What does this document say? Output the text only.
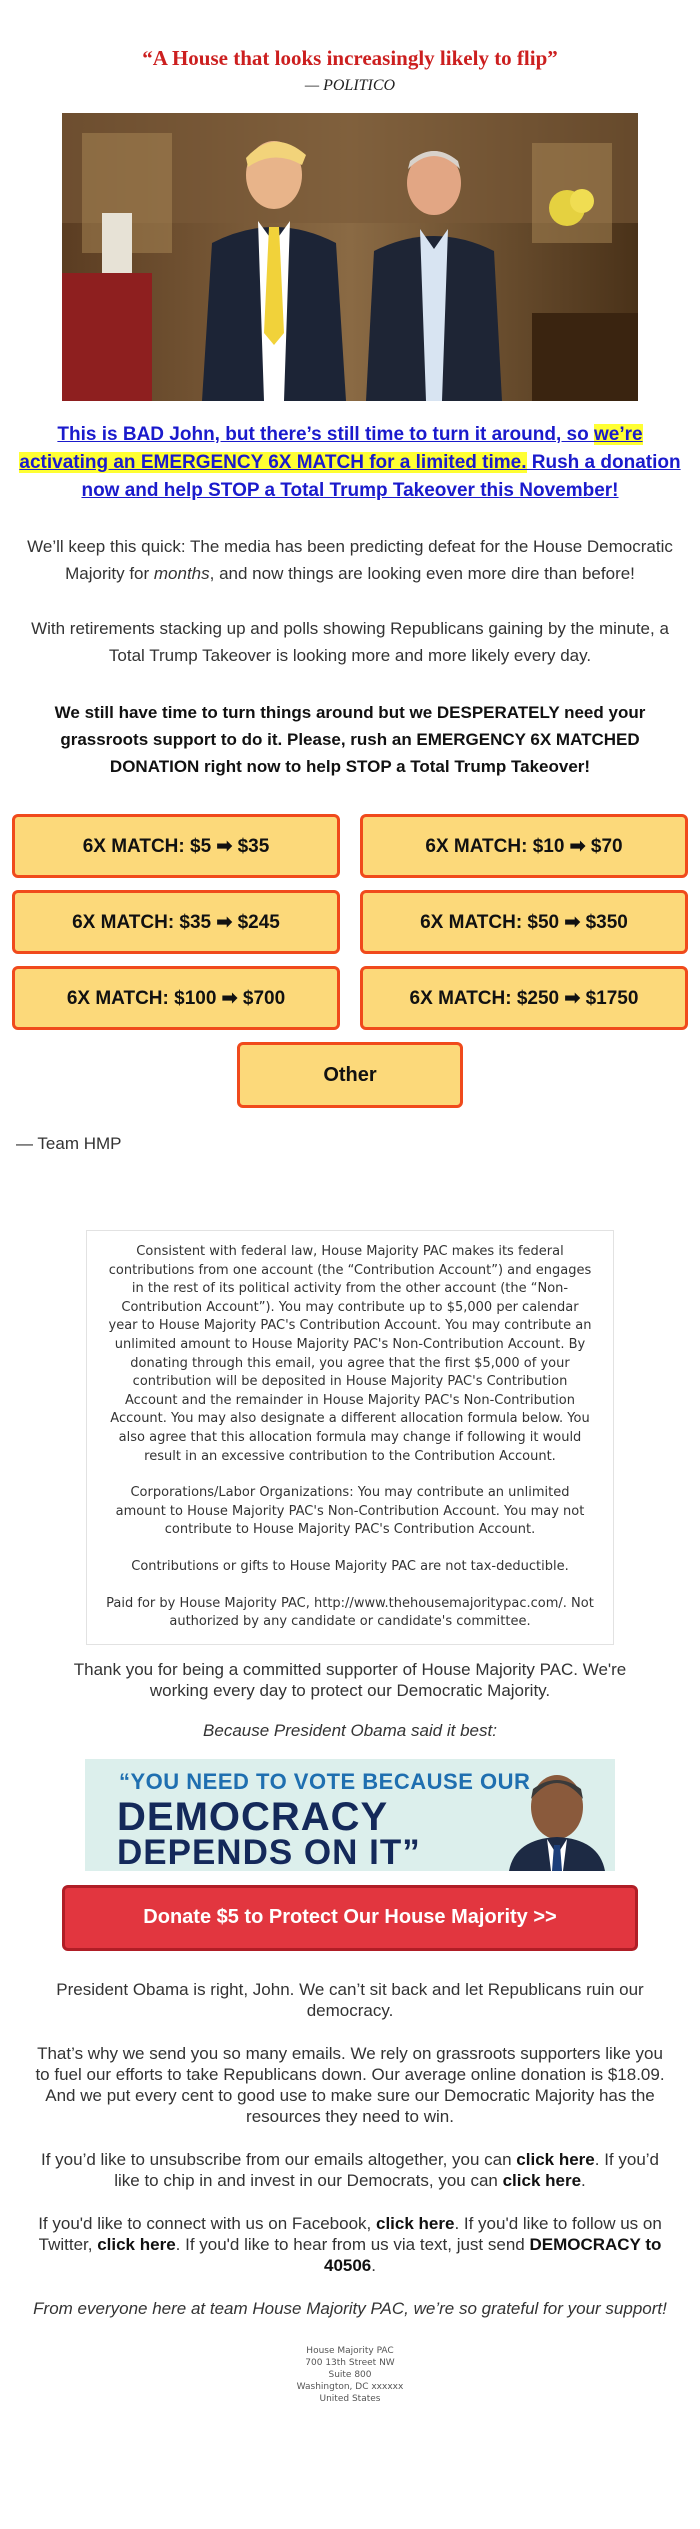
“A House that looks increasingly likely to flip”
— POLITICO
This is BAD John, but there’s still time to turn it around, so we’re activating an EMERGENCY 6X MATCH for a limited time. Rush a donation now and help STOP a Total Trump Takeover this November!

We’ll keep this quick: The media has been predicting defeat for the House Democratic Majority for months, and now things are looking even more dire than before!

With retirements stacking up and polls showing Republicans gaining by the minute, a Total Trump Takeover is looking more and more likely every day.

We still have time to turn things around but we DESPERATELY need your grassroots support to do it. Please, rush an EMERGENCY 6X MATCHED DONATION right now to help STOP a Total Trump Takeover!

6X MATCH: $5 ➡ $35	6X MATCH: $10 ➡ $70
6X MATCH: $35 ➡ $245	6X MATCH: $50 ➡ $350
6X MATCH: $100 ➡ $700	6X MATCH: $250 ➡ $1750
Other
— Team HMP

Consistent with federal law, House Majority PAC makes its federal contributions from one account (the “Contribution Account”) and engages in the rest of its political activity from the other account (the “Non-Contribution Account”). You may contribute up to $5,000 per calendar year to House Majority PAC's Contribution Account. You may contribute an unlimited amount to House Majority PAC's Non-Contribution Account. By donating through this email, you agree that the first $5,000 of your contribution will be deposited in House Majority PAC's Contribution Account and the remainder in House Majority PAC's Non-Contribution Account. You may also designate a different allocation formula below. You also agree that this allocation formula may change if following it would result in an excessive contribution to the Contribution Account.

Corporations/Labor Organizations: You may contribute an unlimited amount to House Majority PAC's Non-Contribution Account. You may not contribute to House Majority PAC's Contribution Account.

Contributions or gifts to House Majority PAC are not tax-deductible.

Paid for by House Majority PAC, http://www.thehousemajoritypac.com/. Not authorized by any candidate or candidate's committee.

Thank you for being a committed supporter of House Majority PAC. We're working every day to protect our Democratic Majority.

Because President Obama said it best:

“YOU NEED TO VOTE BECAUSE OUR
DEMOCRACY
DEPENDS ON IT”
Donate $5 to Protect Our House Majority >>

President Obama is right, John. We can’t sit back and let Republicans ruin our democracy.

That’s why we send you so many emails. We rely on grassroots supporters like you to fuel our efforts to take Republicans down. Our average online donation is $18.09. And we put every cent to good use to make sure our Democratic Majority has the resources they need to win.

If you’d like to unsubscribe from our emails altogether, you can click here. If you’d like to chip in and invest in our Democrats, you can click here.

If you'd like to connect with us on Facebook, click here. If you'd like to follow us on Twitter, click here. If you'd like to hear from us via text, just send DEMOCRACY to 40506.

From everyone here at team House Majority PAC, we’re so grateful for your support!

House Majority PAC
700 13th Street NW
Suite 800
Washington, DC xxxxxx
United States
